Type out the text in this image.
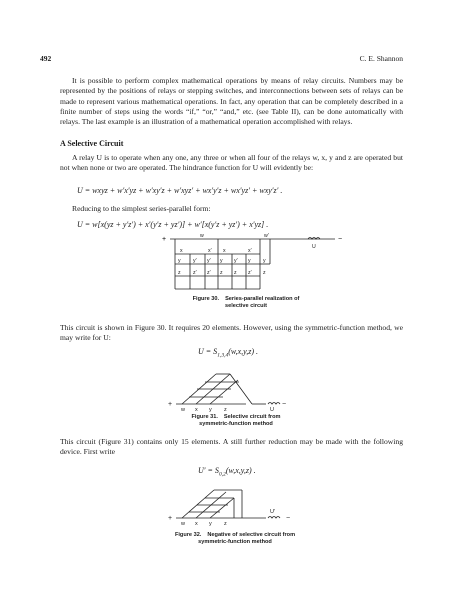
492	C. E. Shannon

It is possible to perform complex mathematical operations by means of relay circuits. Numbers may be represented by the positions of relays or stepping switches, and interconnections between sets of relays can be made to represent various mathematical operations. In fact, any operation that can be completely described in a finite number of steps using the words “if,” “or,” “and,” etc. (see Table II), can be done automatically with relays. The last example is an illustration of a mathematical operation accomplished with relays.

A Selective Circuit

A relay U is to operate when any one, any three or when all four of the relays w, x, y and z are operated but not when none or two are operated. The hindrance function for U will evidently be:

U = wxyz + w′x′yz + w′xy′z + w′xyz′ + wx′y′z + wx′yz′ + wxy′z′ .

Reducing to the simplest series-parallel form:

U = w[x(yz + y′z′) + x′(y′z + yz′)] + w′[x(y′z + yz′) + x′yz] .
+	−
w	w′
x	x′ x	x′
y y′ y′ y y′ y y
z z′ z′ z z z′ z
U
Figure 30. Series-parallel realization of selective circuit

This circuit is shown in Figure 30. It requires 20 elements. However, using the symmetric-function method, we may write for U:

$U = S_{1,3,4}(w,x,y,z)$ .
+
w x y z	U
−
Figure 31. Selective circuit from symmetric-function method

This circuit (Figure 31) contains only 15 elements. A still further reduction may be made with the following device. First write

$U' = S_{0,2}(w,x,y,z)$ .
+
w x y z
U′
−
Figure 32. Negative of selective circuit from symmetric-function method
